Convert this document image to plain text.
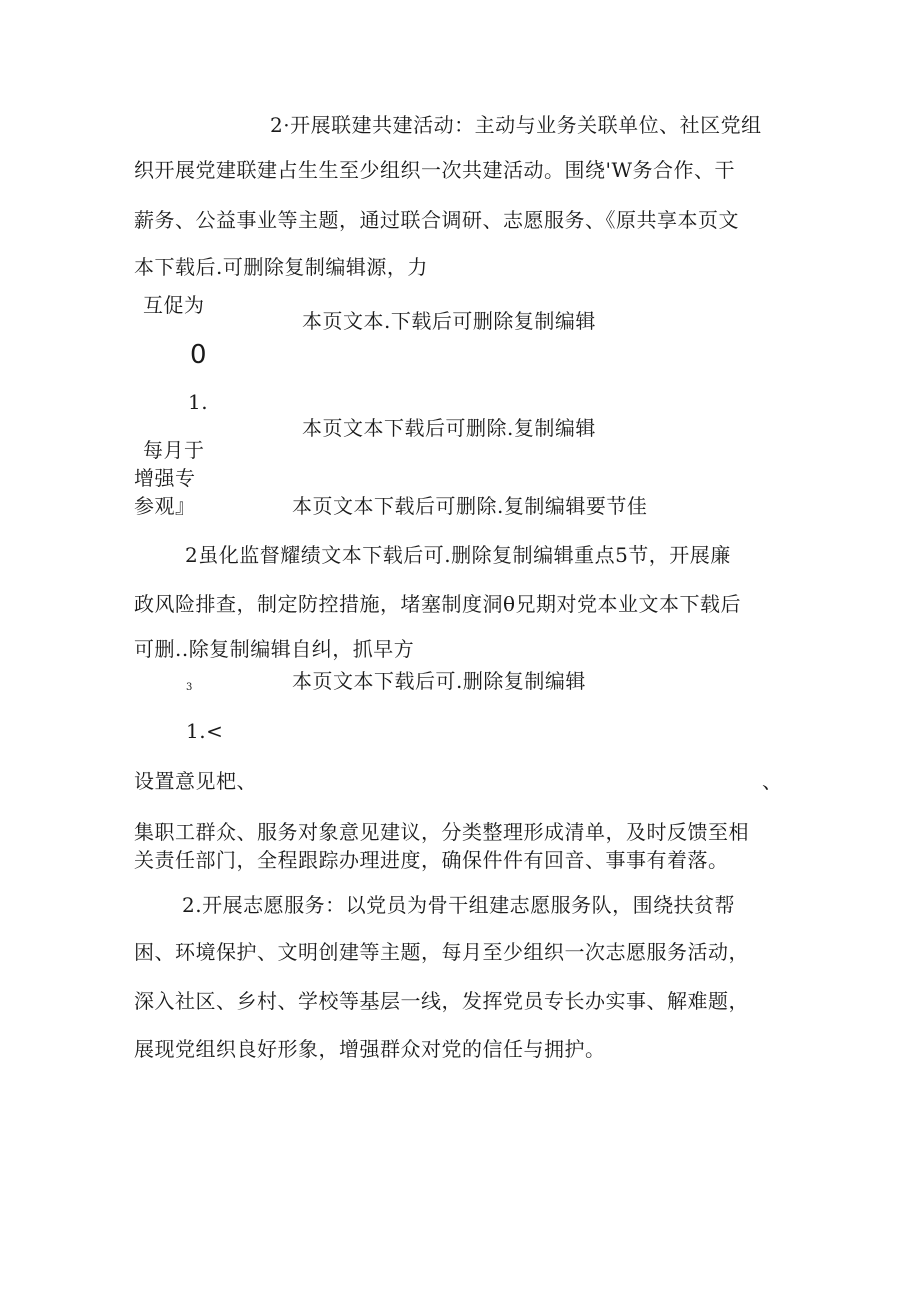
2·开展联建共建活动：主动与业务关联单位、社区党组
织开展党建联建占生生至少组织一次共建活动。围绕'W务合作、干
薪务、公益事业等主题，通过联合调研、志愿服务、《原共享本页文
本下载后.可删除复制编辑源，力
互促为
本页文本.下载后可删除复制编辑
0
1.
本页文本下载后可删除.复制编辑
每月于
增强专
参观』	本页文本下载后可删除.复制编辑要节佳
2虽化监督耀绩文本下载后可.删除复制编辑重点5节，开展廉
政风险排查，制定防控措施，堵塞制度洞θ兄期对党本业文本下载后
可删..除复制编辑自纠，抓早方
3	本页文本下载后可.删除复制编辑
1.<
设置意见杷、	、
集职工群众、服务对象意见建议，分类整理形成清单，及时反馈至相
关责任部门，全程跟踪办理进度，确保件件有回音、事事有着落。
2.开展志愿服务：以党员为骨干组建志愿服务队，围绕扶贫帮
困、环境保护、文明创建等主题，每月至少组织一次志愿服务活动，
深入社区、乡村、学校等基层一线，发挥党员专长办实事、解难题，
展现党组织良好形象，增强群众对党的信任与拥护。
